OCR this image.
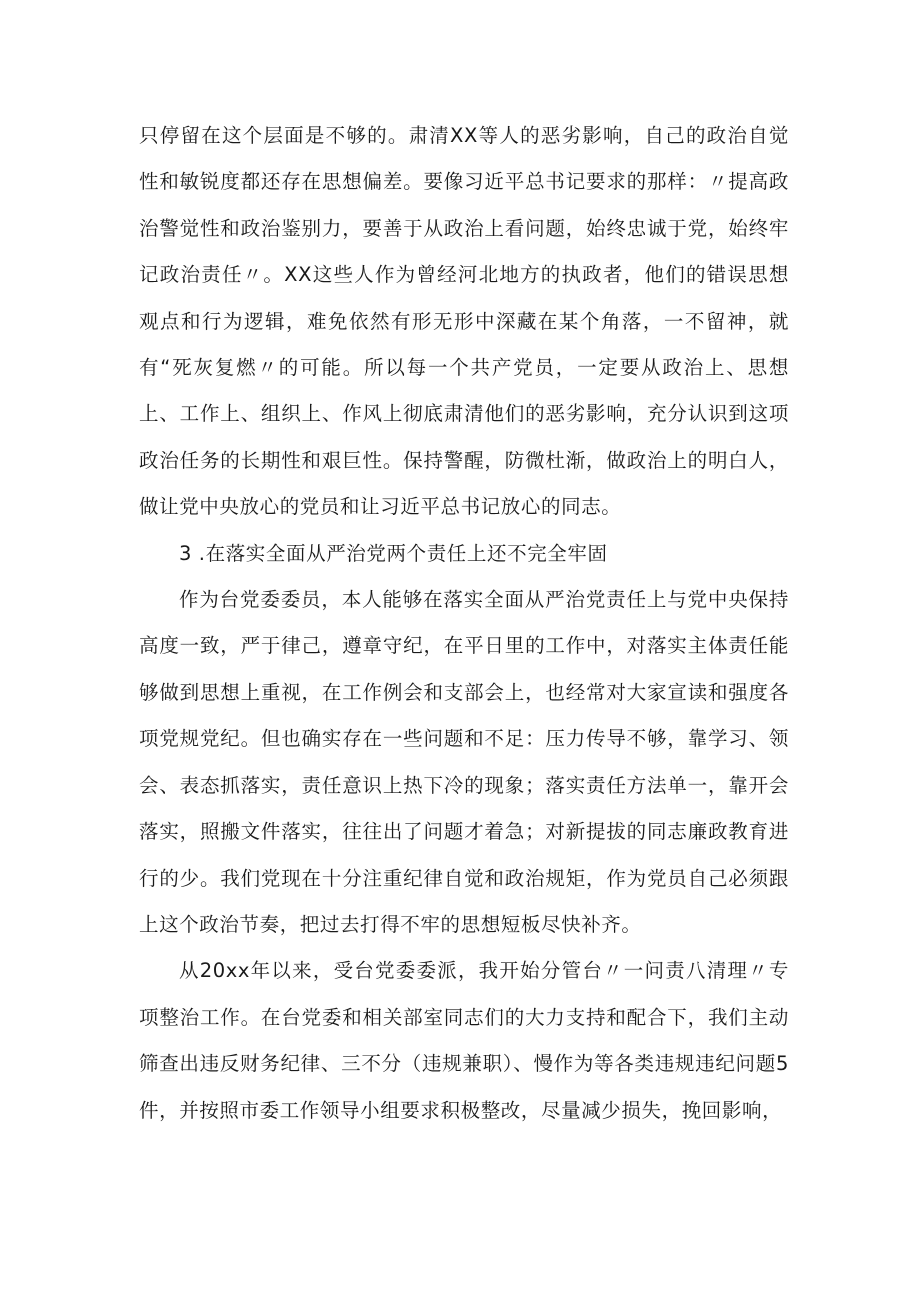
只停留在这个层面是不够的。肃清XX等人的恶劣影响，自己的政治自觉性和敏锐度都还存在思想偏差。要像习近平总书记要求的那样：〃提高政治警觉性和政治鉴别力，要善于从政治上看问题，始终忠诚于党，始终牢记政治责任〃。XX这些人作为曾经河北地方的执政者，他们的错误思想观点和行为逻辑，难免依然有形无形中深藏在某个角落，一不留神，就有“死灰复燃〃的可能。所以每一个共产党员，一定要从政治上、思想上、工作上、组织上、作风上彻底肃清他们的恶劣影响，充分认识到这项政治任务的长期性和艰巨性。保持警醒，防微杜渐，做政治上的明白人，做让党中央放心的党员和让习近平总书记放心的同志。

3 .在落实全面从严治党两个责任上还不完全牢固

作为台党委委员，本人能够在落实全面从严治党责任上与党中央保持高度一致，严于律己，遵章守纪，在平日里的工作中，对落实主体责任能够做到思想上重视，在工作例会和支部会上，也经常对大家宣读和强度各项党规党纪。但也确实存在一些问题和不足：压力传导不够，靠学习、领会、表态抓落实，责任意识上热下冷的现象；落实责任方法单一，靠开会落实，照搬文件落实，往往出了问题才着急；对新提拔的同志廉政教育进行的少。我们党现在十分注重纪律自觉和政治规矩，作为党员自己必须跟上这个政治节奏，把过去打得不牢的思想短板尽快补齐。

从20xx年以来，受台党委委派，我开始分管台〃一问责八清理〃专项整治工作。在台党委和相关部室同志们的大力支持和配合下，我们主动筛查出违反财务纪律、三不分（违规兼职）、慢作为等各类违规违纪问题5件，并按照市委工作领导小组要求积极整改，尽量减少损失，挽回影响，
